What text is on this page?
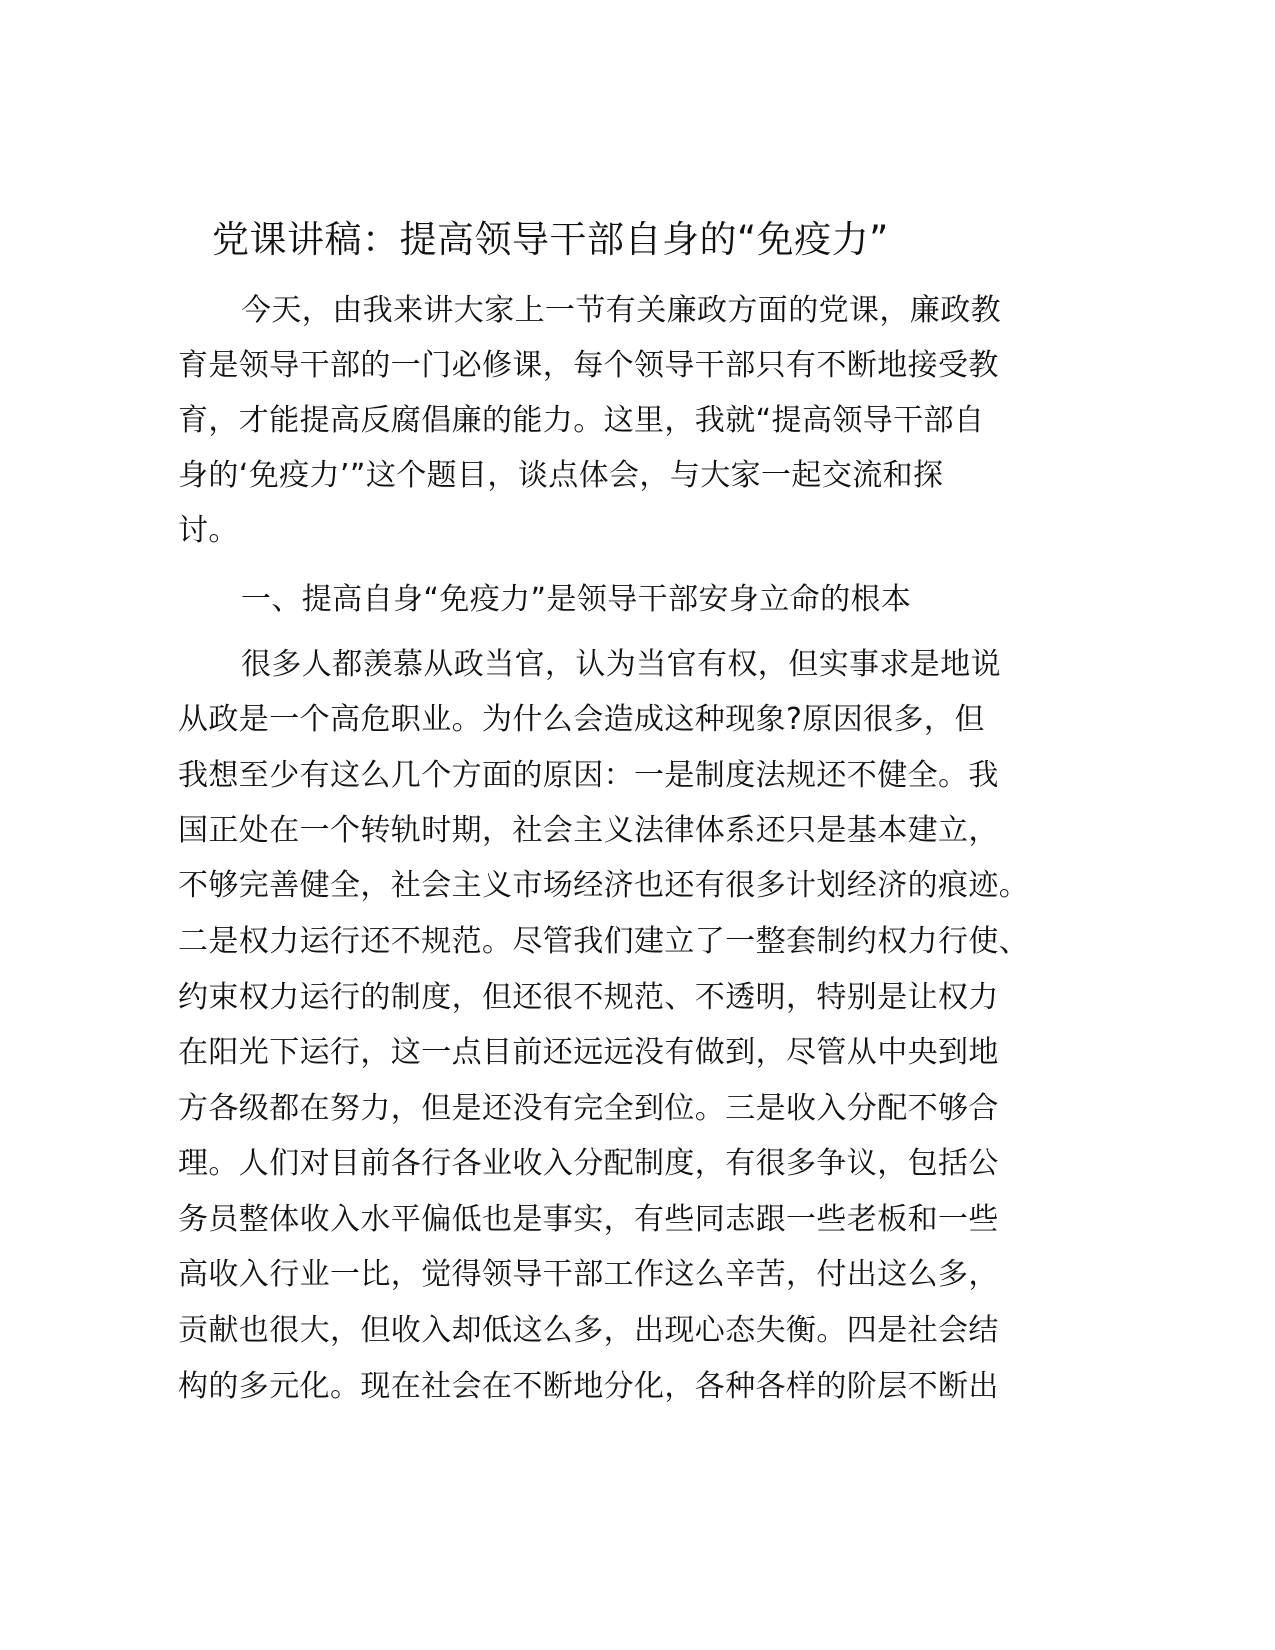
党课讲稿：提高领导干部自身的“免疫力”
今天，由我来讲大家上一节有关廉政方面的党课，廉政教
育是领导干部的一门必修课，每个领导干部只有不断地接受教
育，才能提高反腐倡廉的能力。这里，我就“提高领导干部自
身的‘免疫力’”这个题目，谈点体会，与大家一起交流和探
讨。
一、提高自身“免疫力”是领导干部安身立命的根本
很多人都羡慕从政当官，认为当官有权，但实事求是地说
从政是一个高危职业。为什么会造成这种现象?原因很多，但
我想至少有这么几个方面的原因：一是制度法规还不健全。我
国正处在一个转轨时期，社会主义法律体系还只是基本建立，
不够完善健全，社会主义市场经济也还有很多计划经济的痕迹。
二是权力运行还不规范。尽管我们建立了一整套制约权力行使、
约束权力运行的制度，但还很不规范、不透明，特别是让权力
在阳光下运行，这一点目前还远远没有做到，尽管从中央到地
方各级都在努力，但是还没有完全到位。三是收入分配不够合
理。人们对目前各行各业收入分配制度，有很多争议，包括公
务员整体收入水平偏低也是事实，有些同志跟一些老板和一些
高收入行业一比，觉得领导干部工作这么辛苦，付出这么多，
贡献也很大，但收入却低这么多，出现心态失衡。四是社会结
构的多元化。现在社会在不断地分化，各种各样的阶层不断出
